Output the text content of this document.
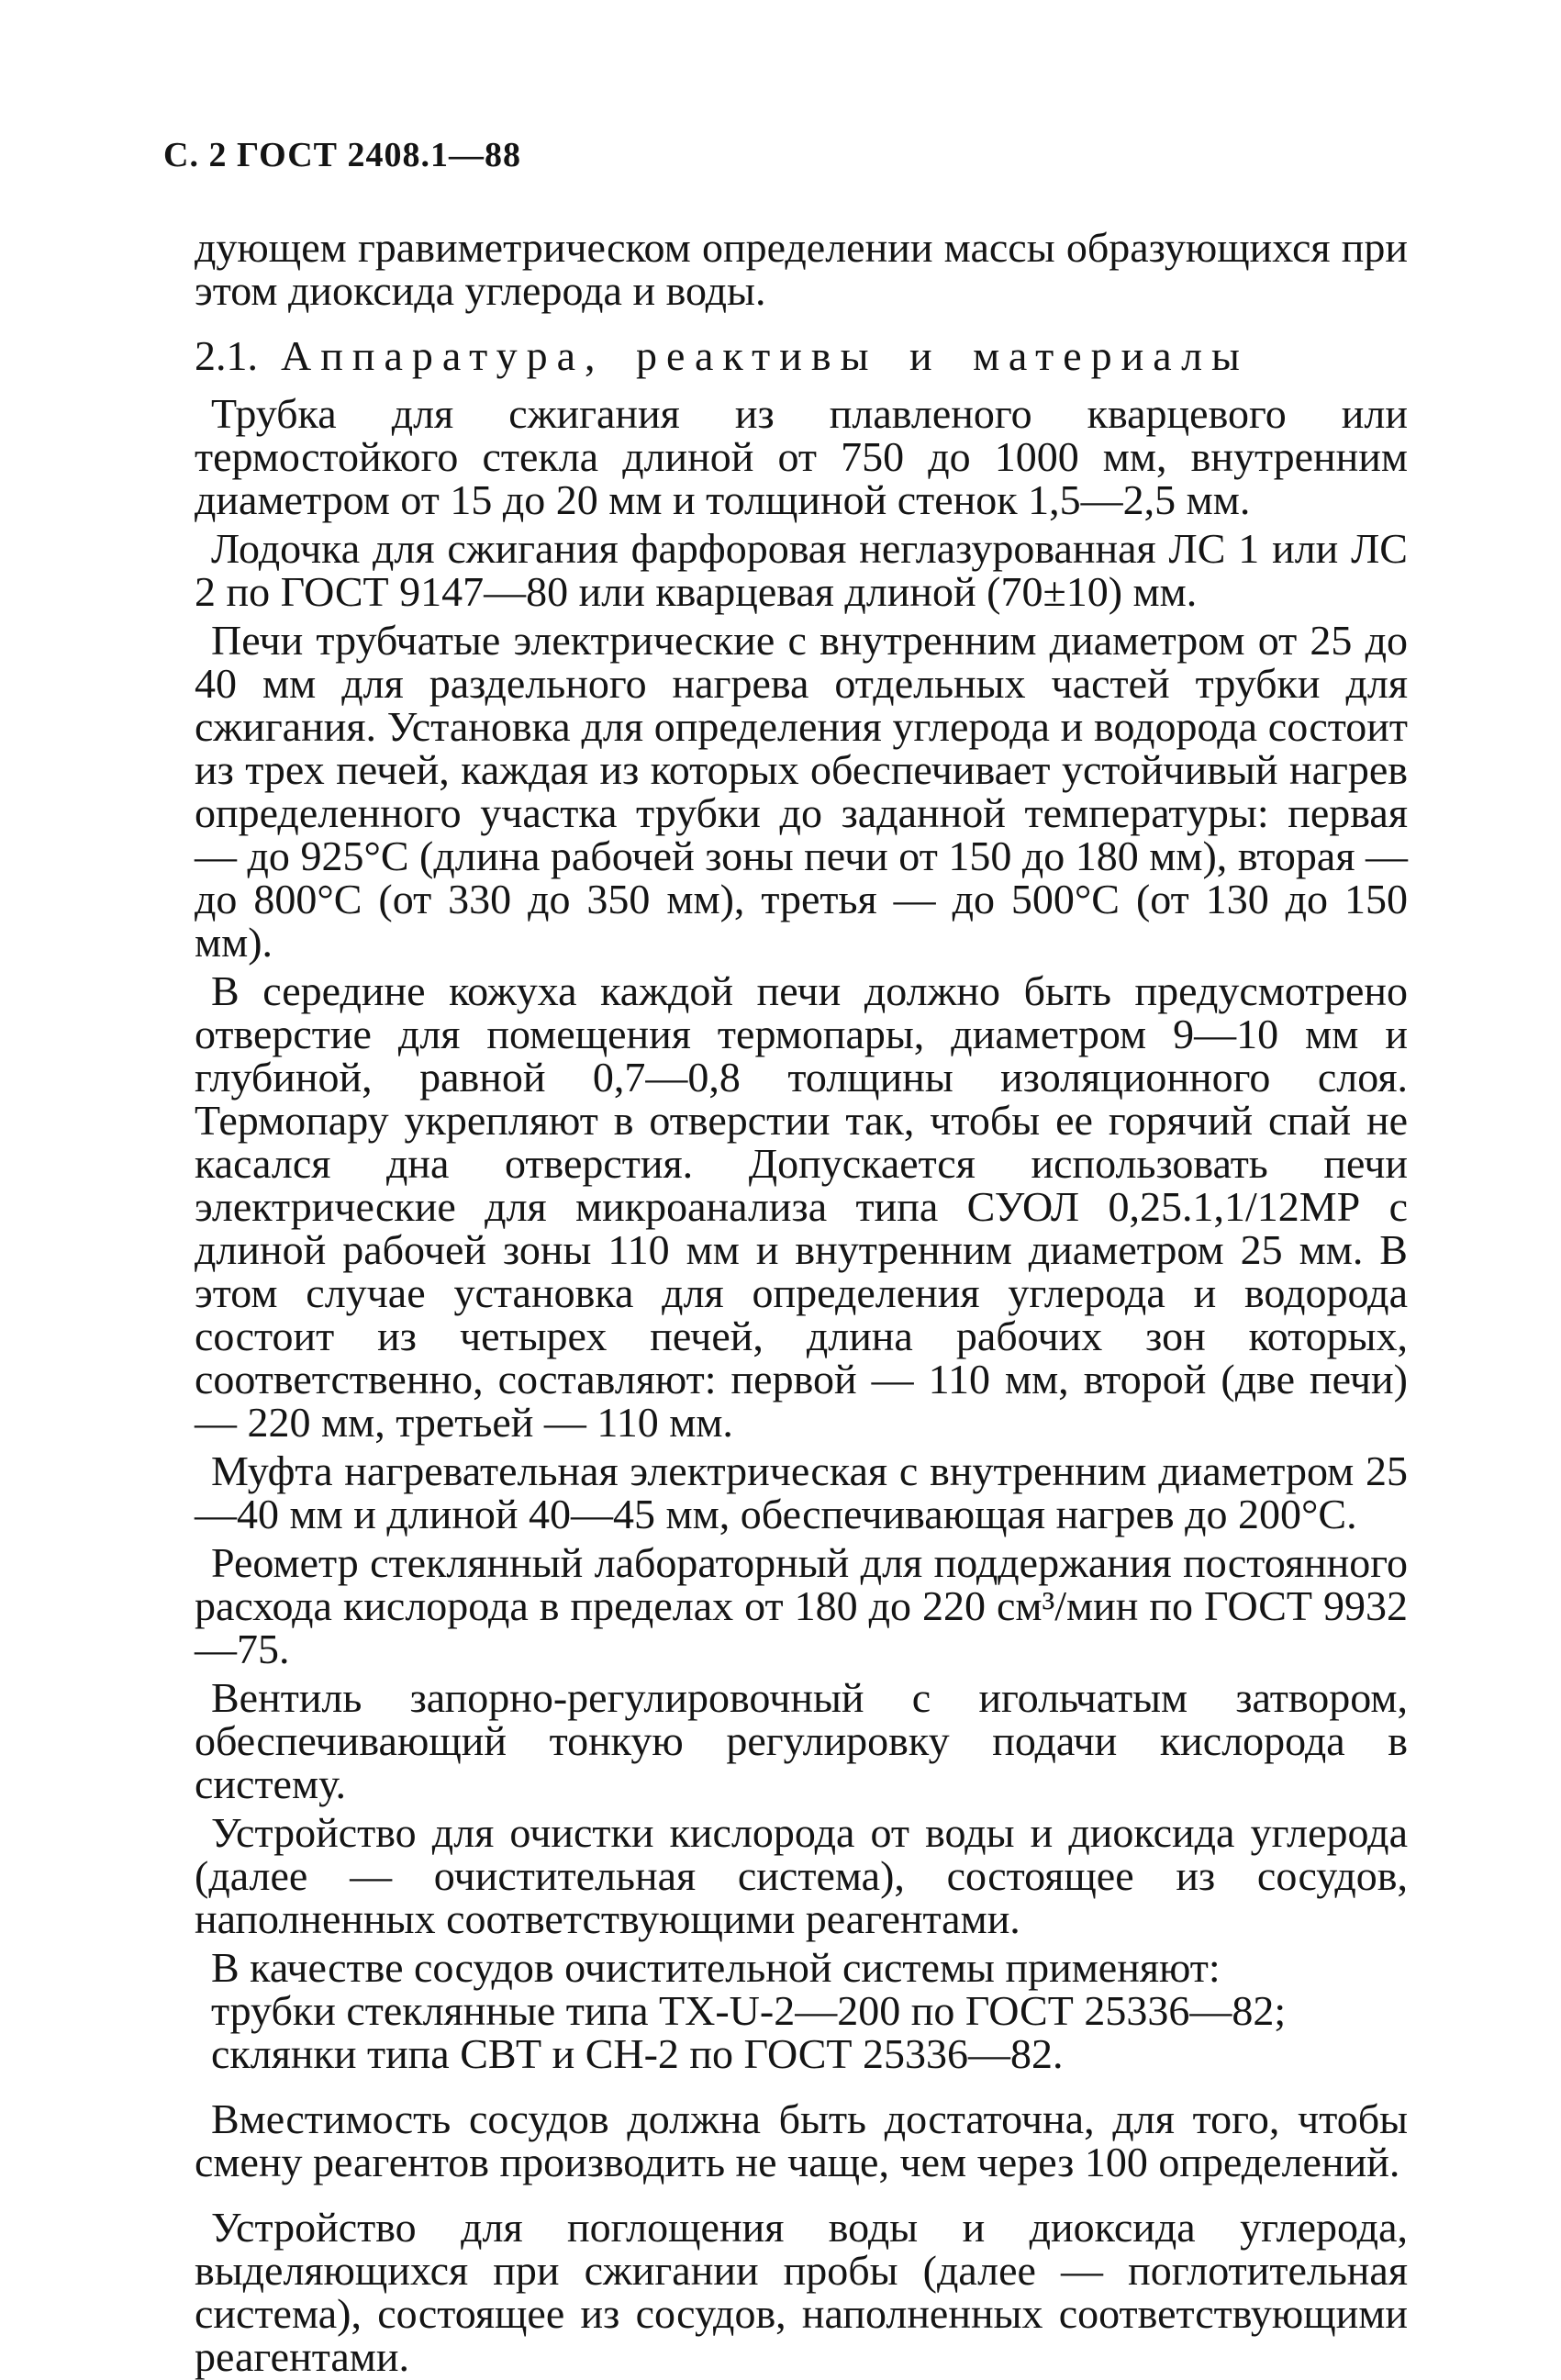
С. 2 ГОСТ 2408.1—88

дующем гравиметрическом определении массы образующихся при этом диоксида углерода и воды.

2.1. Аппаратура, реактивы и материалы

Трубка для сжигания из плавленого кварцевого или термостойкого стекла длиной от 750 до 1000 мм, внутренним диаметром от 15 до 20 мм и толщиной стенок 1,5—2,5 мм.

Лодочка для сжигания фарфоровая неглазурованная ЛС 1 или ЛС 2 по ГОСТ 9147—80 или кварцевая длиной (70±10) мм.

Печи трубчатые электрические с внутренним диаметром от 25 до 40 мм для раздельного нагрева отдельных частей трубки для сжигания. Установка для определения углерода и водорода состоит из трех печей, каждая из которых обеспечивает устойчивый нагрев определенного участка трубки до заданной температуры: первая — до 925°С (длина рабочей зоны печи от 150 до 180 мм), вторая — до 800°С (от 330 до 350 мм), третья — до 500°С (от 130 до 150 мм).

В середине кожуха каждой печи должно быть предусмотрено отверстие для помещения термопары, диаметром 9—10 мм и глубиной, равной 0,7—0,8 толщины изоляционного слоя. Термопару укрепляют в отверстии так, чтобы ее горячий спай не касался дна отверстия. Допускается использовать печи электрические для микроанализа типа СУОЛ 0,25.1,1/12МР с длиной рабочей зоны 110 мм и внутренним диаметром 25 мм. В этом случае установка для определения углерода и водорода состоит из четырех печей, длина рабочих зон которых, соответственно, составляют: первой — 110 мм, второй (две печи) — 220 мм, третьей — 110 мм.

Муфта нагревательная электрическая с внутренним диаметром 25—40 мм и длиной 40—45 мм, обеспечивающая нагрев до 200°С.

Реометр стеклянный лабораторный для поддержания постоянного расхода кислорода в пределах от 180 до 220 см³/мин по ГОСТ 9932—75.

Вентиль запорно-регулировочный с игольчатым затвором, обеспечивающий тонкую регулировку подачи кислорода в систему.

Устройство для очистки кислорода от воды и диоксида углерода (далее — очистительная система), состоящее из сосудов, наполненных соответствующими реагентами.

В качестве сосудов очистительной системы применяют:

трубки стеклянные типа ТХ-U-2—200 по ГОСТ 25336—82;
склянки типа СВТ и СН-2 по ГОСТ 25336—82.

Вместимость сосудов должна быть достаточна, для того, чтобы смену реагентов производить не чаще, чем через 100 определений.

Устройство для поглощения воды и диоксида углерода, выделяющихся при сжигании пробы (далее — поглотительная система), состоящее из сосудов, наполненных соответствующими реагентами.
